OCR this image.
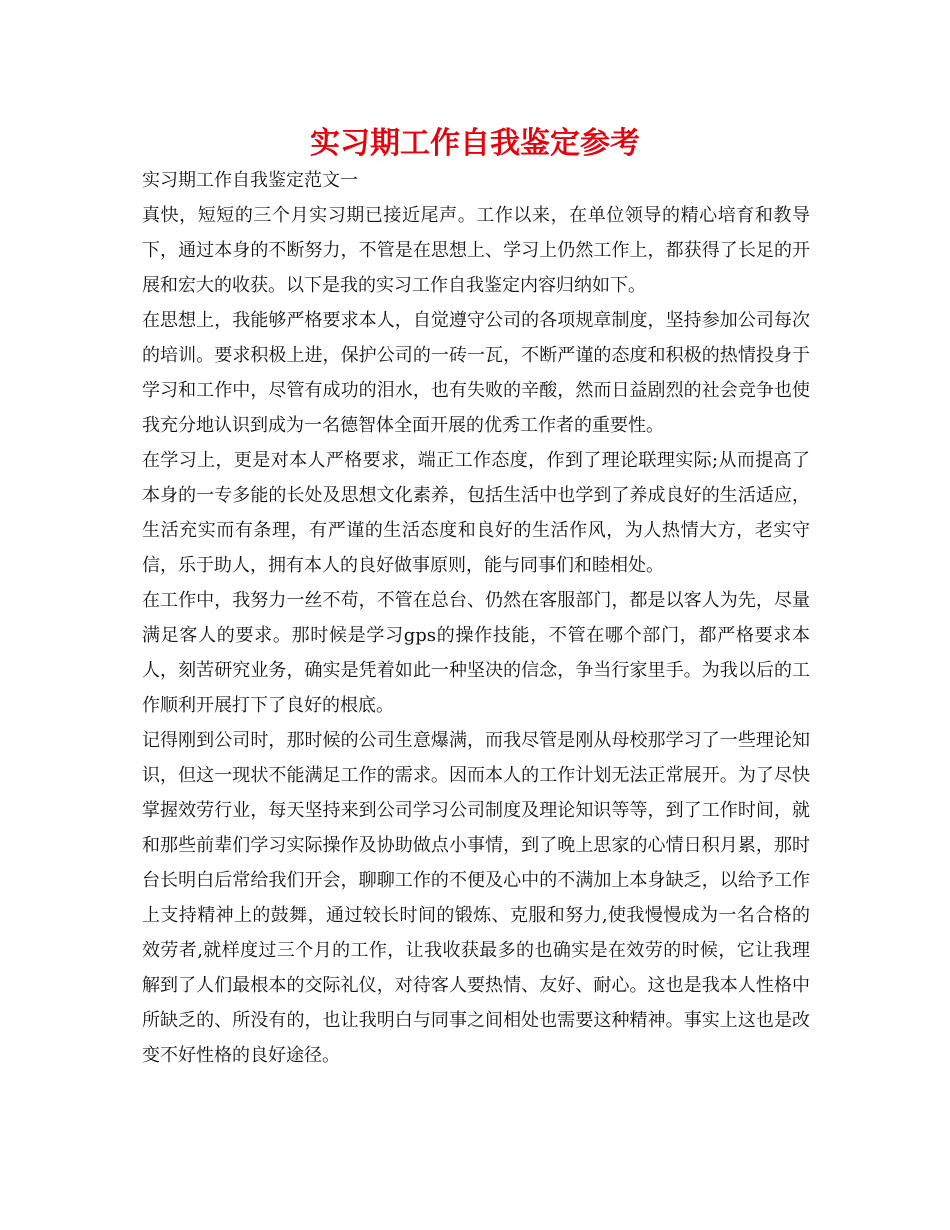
实习期工作自我鉴定参考

实习期工作自我鉴定范文一

真快，短短的三个月实习期已接近尾声。工作以来，在单位领导的精心培育和教导下，通过本身的不断努力，不管是在思想上、学习上仍然工作上，都获得了长足的开展和宏大的收获。以下是我的实习工作自我鉴定内容归纳如下。

在思想上，我能够严格要求本人，自觉遵守公司的各项规章制度，坚持参加公司每次的培训。要求积极上进，保护公司的一砖一瓦，不断严谨的态度和积极的热情投身于学习和工作中，尽管有成功的泪水，也有失败的辛酸，然而日益剧烈的社会竞争也使我充分地认识到成为一名德智体全面开展的优秀工作者的重要性。

在学习上，更是对本人严格要求，端正工作态度，作到了理论联理实际;从而提高了本身的一专多能的长处及思想文化素养，包括生活中也学到了养成良好的生活适应，生活充实而有条理，有严谨的生活态度和良好的生活作风，为人热情大方，老实守信，乐于助人，拥有本人的良好做事原则，能与同事们和睦相处。

在工作中，我努力一丝不苟，不管在总台、仍然在客服部门，都是以客人为先，尽量满足客人的要求。那时候是学习gps的操作技能，不管在哪个部门，都严格要求本人，刻苦研究业务，确实是凭着如此一种坚决的信念，争当行家里手。为我以后的工作顺利开展打下了良好的根底。

记得刚到公司时，那时候的公司生意爆满，而我尽管是刚从母校那学习了一些理论知识，但这一现状不能满足工作的需求。因而本人的工作计划无法正常展开。为了尽快掌握效劳行业，每天坚持来到公司学习公司制度及理论知识等等，到了工作时间，就和那些前辈们学习实际操作及协助做点小事情，到了晚上思家的心情日积月累，那时台长明白后常给我们开会，聊聊工作的不便及心中的不满加上本身缺乏，以给予工作上支持精神上的鼓舞，通过较长时间的锻炼、克服和努力,使我慢慢成为一名合格的效劳者,就样度过三个月的工作，让我收获最多的也确实是在效劳的时候，它让我理解到了人们最根本的交际礼仪，对待客人要热情、友好、耐心。这也是我本人性格中所缺乏的、所没有的，也让我明白与同事之间相处也需要这种精神。事实上这也是改变不好性格的良好途径。
